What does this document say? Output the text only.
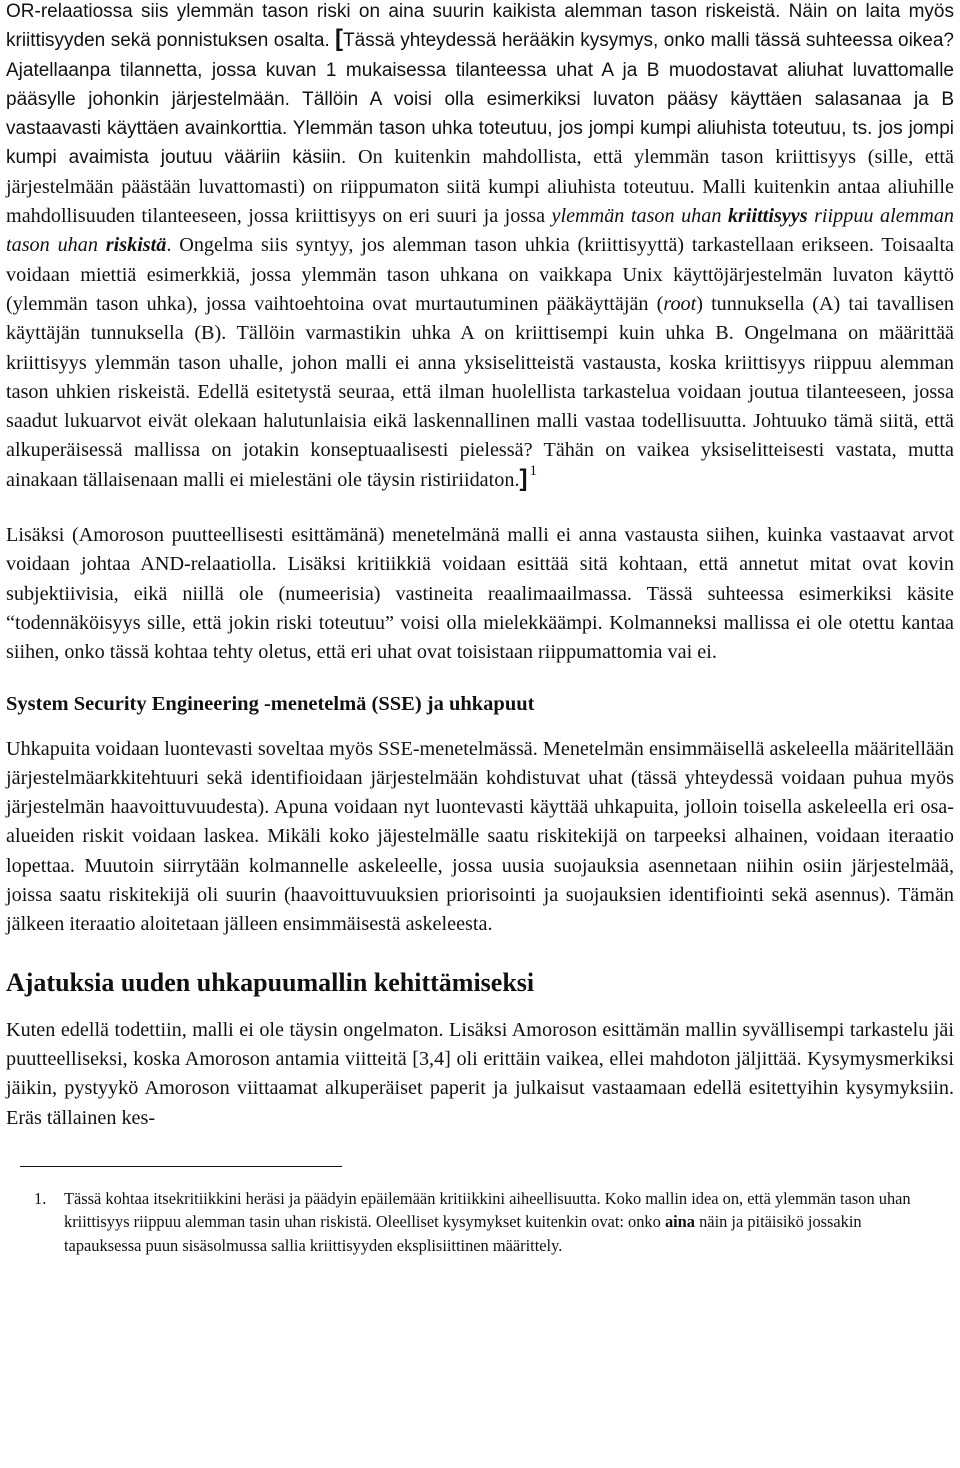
OR-relaatiossa siis ylemmän tason riski on aina suurin kaikista alemman tason riskeistä. Näin on laita myös kriittisyyden sekä ponnistuksen osalta. [Tässä yhteydessä herääkin kysymys, onko malli tässä suhteessa oikea? Ajatellaanpa tilannetta, jossa kuvan 1 mukaisessa tilanteessa uhat A ja B muodostavat aliuhat luvattomalle pääsylle johonkin järjestelmään. Tällöin A voisi olla esimerkiksi luvaton pääsy käyttäen salasanaa ja B vastaavasti käyttäen avainkorttia. Ylemmän tason uhka toteutuu, jos jompi kumpi aliuhista toteutuu, ts. jos jompi kumpi avaimista joutuu vääriin käsiin. On kuitenkin mahdollista, että ylemmän tason kriittisyys (sille, että järjestelmään päästään luvattomasti) on riippumaton siitä kumpi aliuhista toteutuu. Malli kuitenkin antaa aliuhille mahdollisuuden tilanteeseen, jossa kriittisyys on eri suuri ja jossa ylemmän tason uhan kriittisyys riippuu alemman tason uhan riskistä. Ongelma siis syntyy, jos alemman tason uhkia (kriittisyyttä) tarkastellaan erikseen. Toisaalta voidaan miettiä esimerkkiä, jossa ylemmän tason uhkana on vaikkapa Unix käyttöjärjestelmän luvaton käyttö (ylemmän tason uhka), jossa vaihtoehtoina ovat murtautuminen pääkäyttäjän (root) tunnuksella (A) tai tavallisen käyttäjän tunnuksella (B). Tällöin varmastikin uhka A on kriittisempi kuin uhka B. Ongelmana on määrittää kriittisyys ylemmän tason uhalle, johon malli ei anna yksiselitteistä vastausta, koska kriittisyys riippuu alemman tason uhkien riskeistä. Edellä esitetystä seuraa, että ilman huolellista tarkastelua voidaan joutua tilanteeseen, jossa saadut lukuarvot eivät olekaan halutunlaisia eikä laskennallinen malli vastaa todellisuutta. Johtuuko tämä siitä, että alkuperäisessä mallissa on jotakin konseptuaalisesti pielessä? Tähän on vaikea yksiselitteisesti vastata, mutta ainakaan tällaisenaan malli ei mielestäni ole täysin ristiriidaton.] $^1$

Lisäksi (Amoroson puutteellisesti esittämänä) menetelmänä malli ei anna vastausta siihen, kuinka vastaavat arvot voidaan johtaa AND-relaatiolla. Lisäksi kritiikkiä voidaan esittää sitä kohtaan, että annetut mitat ovat kovin subjektiivisia, eikä niillä ole (numeerisia) vastineita reaalimaailmassa. Tässä suhteessa esimerkiksi käsite “todennäköisyys sille, että jokin riski toteutuu” voisi olla mielekkäämpi. Kolmanneksi mallissa ei ole otettu kantaa siihen, onko tässä kohtaa tehty oletus, että eri uhat ovat toisistaan riippumattomia vai ei.

System Security Engineering -menetelmä (SSE) ja uhkapuut

Uhkapuita voidaan luontevasti soveltaa myös SSE-menetelmässä. Menetelmän ensimmäisellä askeleella määritellään järjestelmäarkkitehtuuri sekä identifioidaan järjestelmään kohdistuvat uhat (tässä yhteydessä voidaan puhua myös järjestelmän haavoittuvuudesta). Apuna voidaan nyt luontevasti käyttää uhkapuita, jolloin toisella askeleella eri osa-alueiden riskit voidaan laskea. Mikäli koko jäjestelmälle saatu riskitekijä on tarpeeksi alhainen, voidaan iteraatio lopettaa. Muutoin siirrytään kolmannelle askeleelle, jossa uusia suojauksia asennetaan niihin osiin järjestelmää, joissa saatu riskitekijä oli suurin (haavoittuvuuksien priorisointi ja suojauksien identifiointi sekä asennus). Tämän jälkeen iteraatio aloitetaan jälleen ensimmäisestä askeleesta.

Ajatuksia uuden uhkapuumallin kehittämiseksi

Kuten edellä todettiin, malli ei ole täysin ongelmaton. Lisäksi Amoroson esittämän mallin syvällisempi tarkastelu jäi puutteelliseksi, koska Amoroson antamia viitteitä [3,4] oli erittäin vaikea, ellei mahdoton jäljittää. Kysymysmerkiksi jäikin, pystyykö Amoroson viittaamat alkuperäiset paperit ja julkaisut vastaamaan edellä esitettyihin kysymyksiin. Eräs tällainen kes-

1.	Tässä kohtaa itsekritiikkini heräsi ja päädyin epäilemään kritiikkini aiheellisuutta. Koko mallin idea on, että ylemmän tason uhan kriittisyys riippuu alemman tasin uhan riskistä. Oleelliset kysymykset kuitenkin ovat: onko aina näin ja pitäisikö jossakin tapauksessa puun sisäsolmussa sallia kriittisyyden eksplisiittinen määrittely.
